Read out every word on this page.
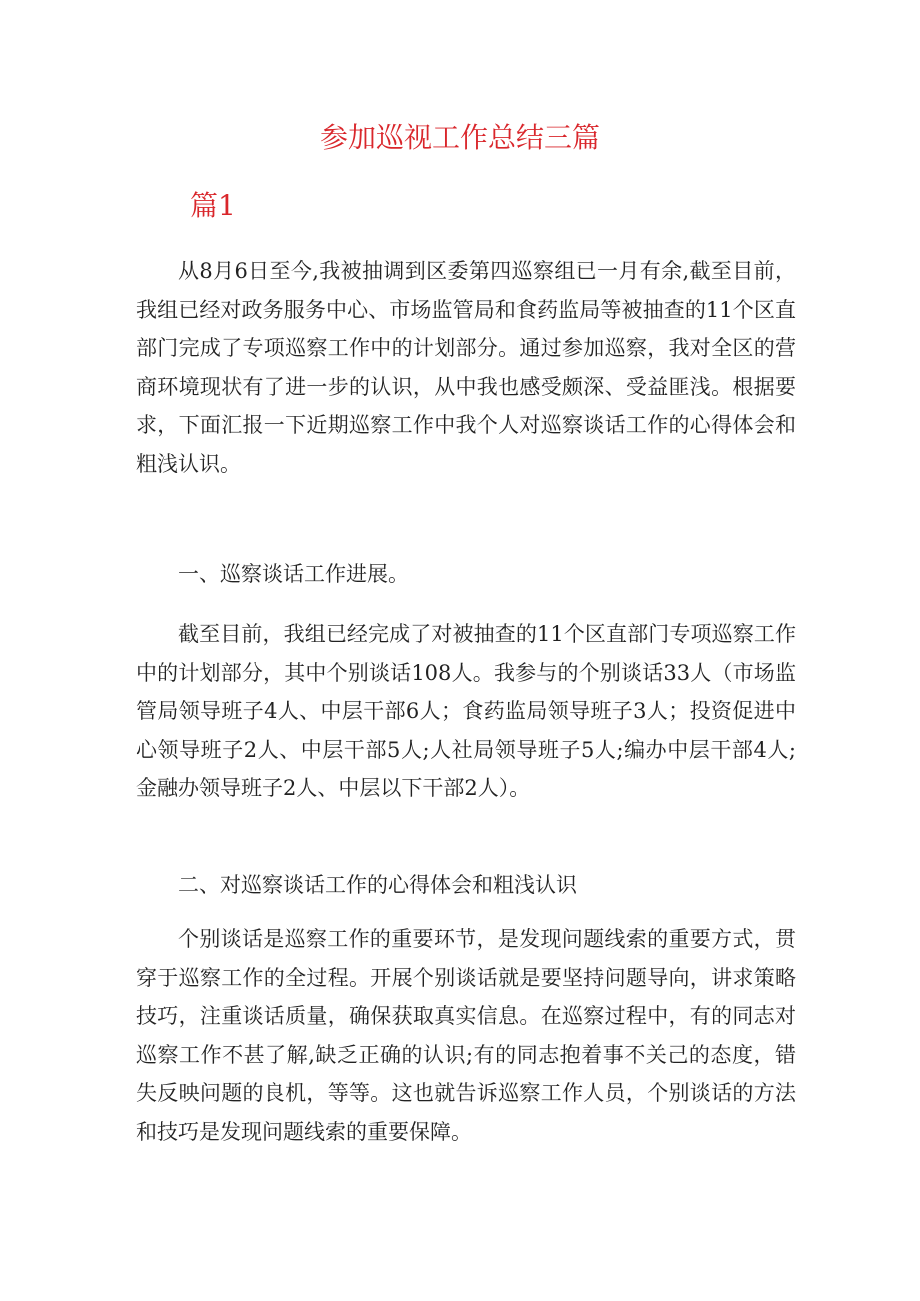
参加巡视工作总结三篇
篇1

从8月6日至今,我被抽调到区委第四巡察组已一月有余,截至目前，我组已经对政务服务中心、市场监管局和食药监局等被抽查的11个区直部门完成了专项巡察工作中的计划部分。通过参加巡察，我对全区的营商环境现状有了进一步的认识，从中我也感受颇深、受益匪浅。根据要求，下面汇报一下近期巡察工作中我个人对巡察谈话工作的心得体会和粗浅认识。

一、巡察谈话工作进展。

截至目前，我组已经完成了对被抽查的11个区直部门专项巡察工作中的计划部分，其中个别谈话108人。我参与的个别谈话33人（市场监管局领导班子4人、中层干部6人；食药监局领导班子3人；投资促进中心领导班子2人、中层干部5人;人社局领导班子5人;编办中层干部4人;金融办领导班子2人、中层以下干部2人）。

二、对巡察谈话工作的心得体会和粗浅认识

个别谈话是巡察工作的重要环节，是发现问题线索的重要方式，贯穿于巡察工作的全过程。开展个别谈话就是要坚持问题导向，讲求策略技巧，注重谈话质量，确保获取真实信息。在巡察过程中，有的同志对巡察工作不甚了解,缺乏正确的认识;有的同志抱着事不关己的态度，错失反映问题的良机，等等。这也就告诉巡察工作人员，个别谈话的方法和技巧是发现问题线索的重要保障。
